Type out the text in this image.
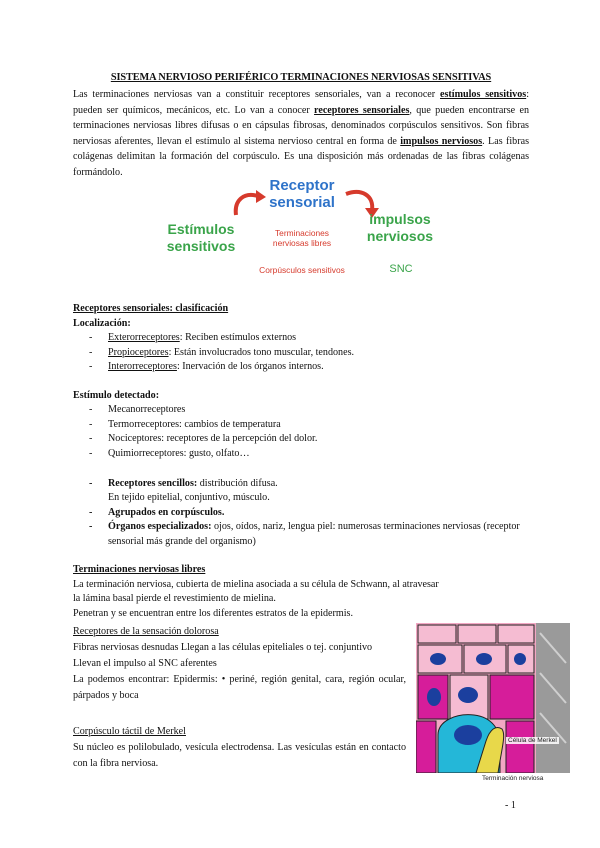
SISTEMA NERVIOSO PERIFÉRICO TERMINACIONES NERVIOSAS SENSITIVAS
Las terminaciones nerviosas van a constituir receptores sensoriales, van a reconocer estímulos sensitivos: pueden ser químicos, mecánicos, etc. Lo van a conocer receptores sensoriales, que pueden encontrarse en terminaciones nerviosas libres difusas o en cápsulas fibrosas, denominados corpúsculos sensitivos. Son fibras nerviosas aferentes, llevan el estímulo al sistema nervioso central en forma de impulsos nerviosos. Las fibras colágenas delimitan la formación del corpúsculo. Es una disposición más ordenadas de las fibras colágenas formándolo.
Receptor sensorial
Estímulos sensitivos
impulsos nerviosos
Terminaciones nerviosas libres
Corpúsculos sensitivos	SNC
Receptores sensoriales: clasificación
Localización:
- Exterorreceptores: Reciben estímulos externos
- Propioceptores: Están involucrados tono muscular, tendones.
- Interorreceptores: Inervación de los órganos internos.
Estímulo detectado:
- Mecanorreceptores
- Termorreceptores: cambios de temperatura
- Nociceptores: receptores de la percepción del dolor.
- Quimiorreceptores: gusto, olfato…
- Receptores sencillos: distribución difusa.
En tejido epitelial, conjuntivo, músculo.
- Agrupados en corpúsculos.
- Órganos especializados: ojos, oídos, nariz, lengua piel: numerosas terminaciones nerviosas (receptor sensorial más grande del organismo)
Terminaciones nerviosas libres
La terminación nerviosa, cubierta de mielina asociada a su célula de Schwann, al atravesar
la lámina basal pierde el revestimiento de mielina.
Penetran y se encuentran entre los diferentes estratos de la epidermis.
Receptores de la sensación dolorosa
Fibras nerviosas desnudas Llegan a las células epiteliales o tej. conjuntivo
Llevan el impulso al SNC aferentes
La podemos encontrar: Epidermis: • periné, región genital, cara, región ocular, párpados y boca
Corpúsculo táctil de Merkel
Su núcleo es polilobulado, vesícula electrodensa. Las vesículas están en contacto con la fibra nerviosa.
Célula de Merkel
Terminación nerviosa
- 1
